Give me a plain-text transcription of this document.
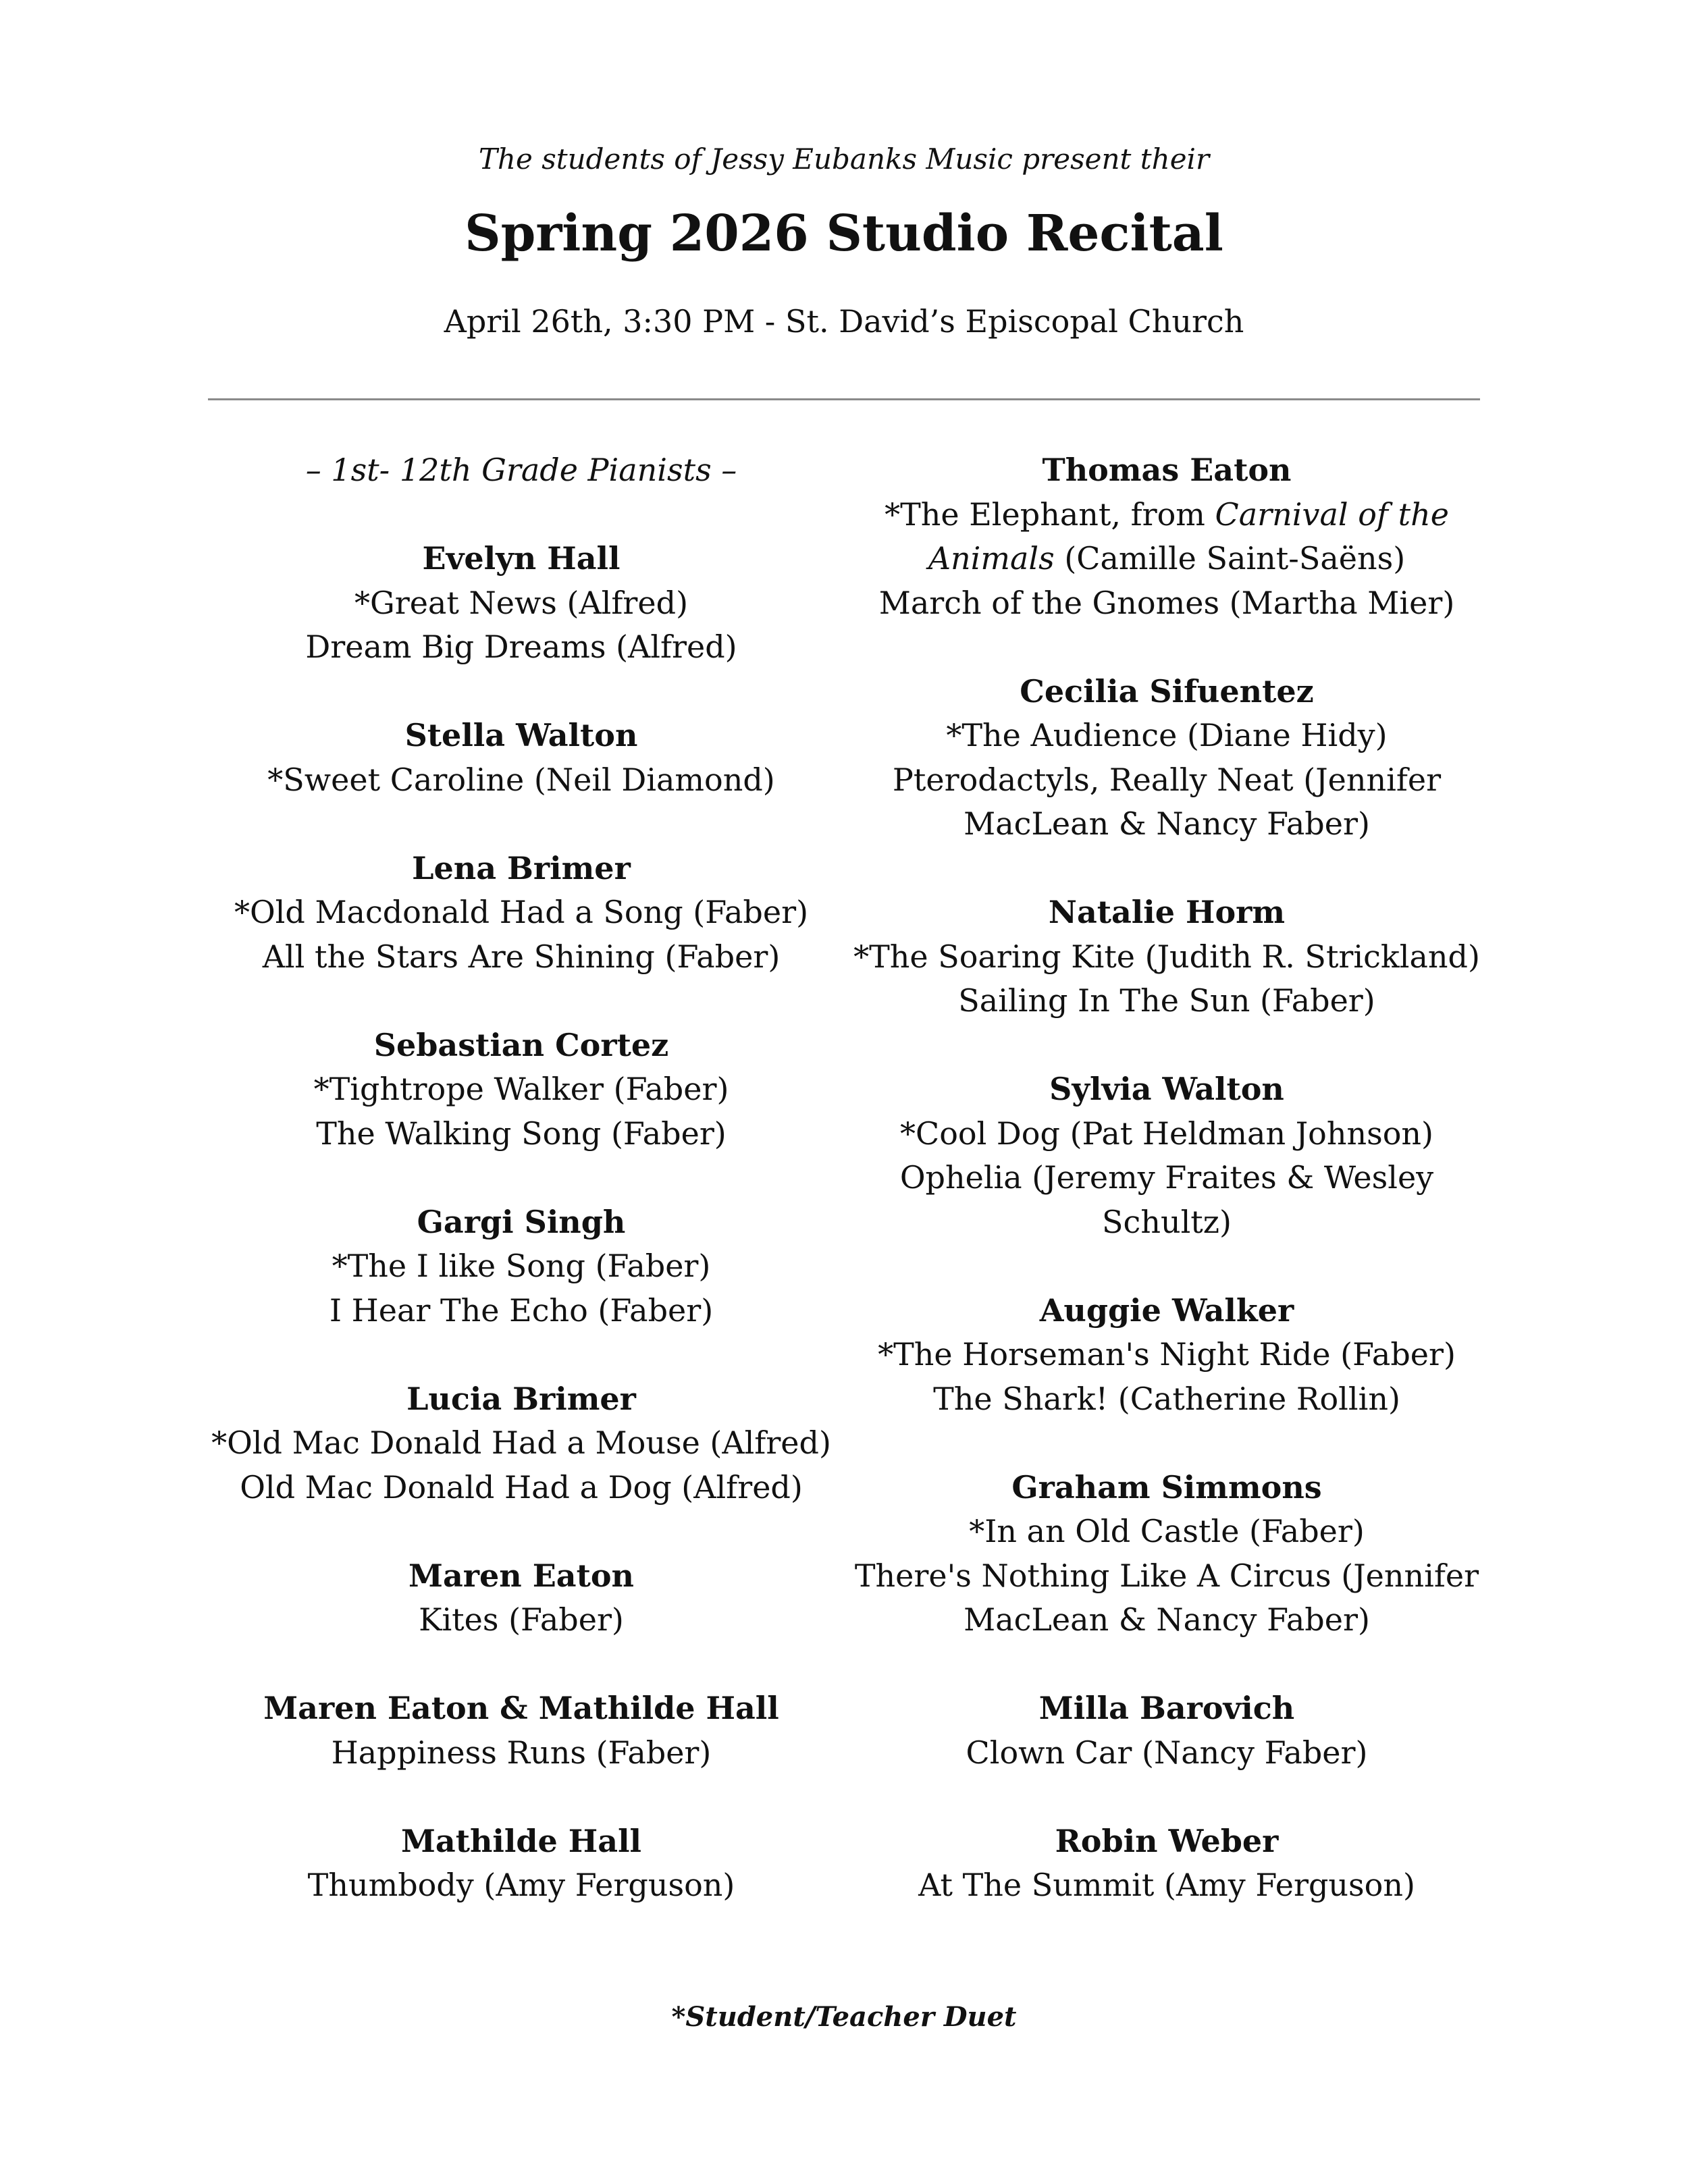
The students of Jessy Eubanks Music present their
Spring 2026 Studio Recital
April 26th, 3:30 PM - St. David’s Episcopal Church
– 1st- 12th Grade Pianists –
Evelyn Hall
*Great News (Alfred)
Dream Big Dreams (Alfred)
Stella Walton
*Sweet Caroline (Neil Diamond)
Lena Brimer
*Old Macdonald Had a Song (Faber)
All the Stars Are Shining (Faber)
Sebastian Cortez
*Tightrope Walker (Faber)
The Walking Song (Faber)
Gargi Singh
*The I like Song (Faber)
I Hear The Echo (Faber)
Lucia Brimer
*Old Mac Donald Had a Mouse (Alfred)
Old Mac Donald Had a Dog (Alfred)
Maren Eaton
Kites (Faber)
Maren Eaton & Mathilde Hall
Happiness Runs (Faber)
Mathilde Hall
Thumbody (Amy Ferguson)
Thomas Eaton
*The Elephant, from Carnival of the Animals (Camille Saint-Saëns)
March of the Gnomes (Martha Mier)
Cecilia Sifuentez
*The Audience (Diane Hidy)
Pterodactyls, Really Neat (Jennifer MacLean & Nancy Faber)
Natalie Horm
*The Soaring Kite (Judith R. Strickland)
Sailing In The Sun (Faber)
Sylvia Walton
*Cool Dog (Pat Heldman Johnson)
Ophelia (Jeremy Fraites & Wesley Schultz)
Auggie Walker
*The Horseman's Night Ride (Faber)
The Shark! (Catherine Rollin)
Graham Simmons
*In an Old Castle (Faber)
There's Nothing Like A Circus (Jennifer MacLean & Nancy Faber)
Milla Barovich
Clown Car (Nancy Faber)
Robin Weber
At The Summit (Amy Ferguson)
*Student/Teacher Duet
